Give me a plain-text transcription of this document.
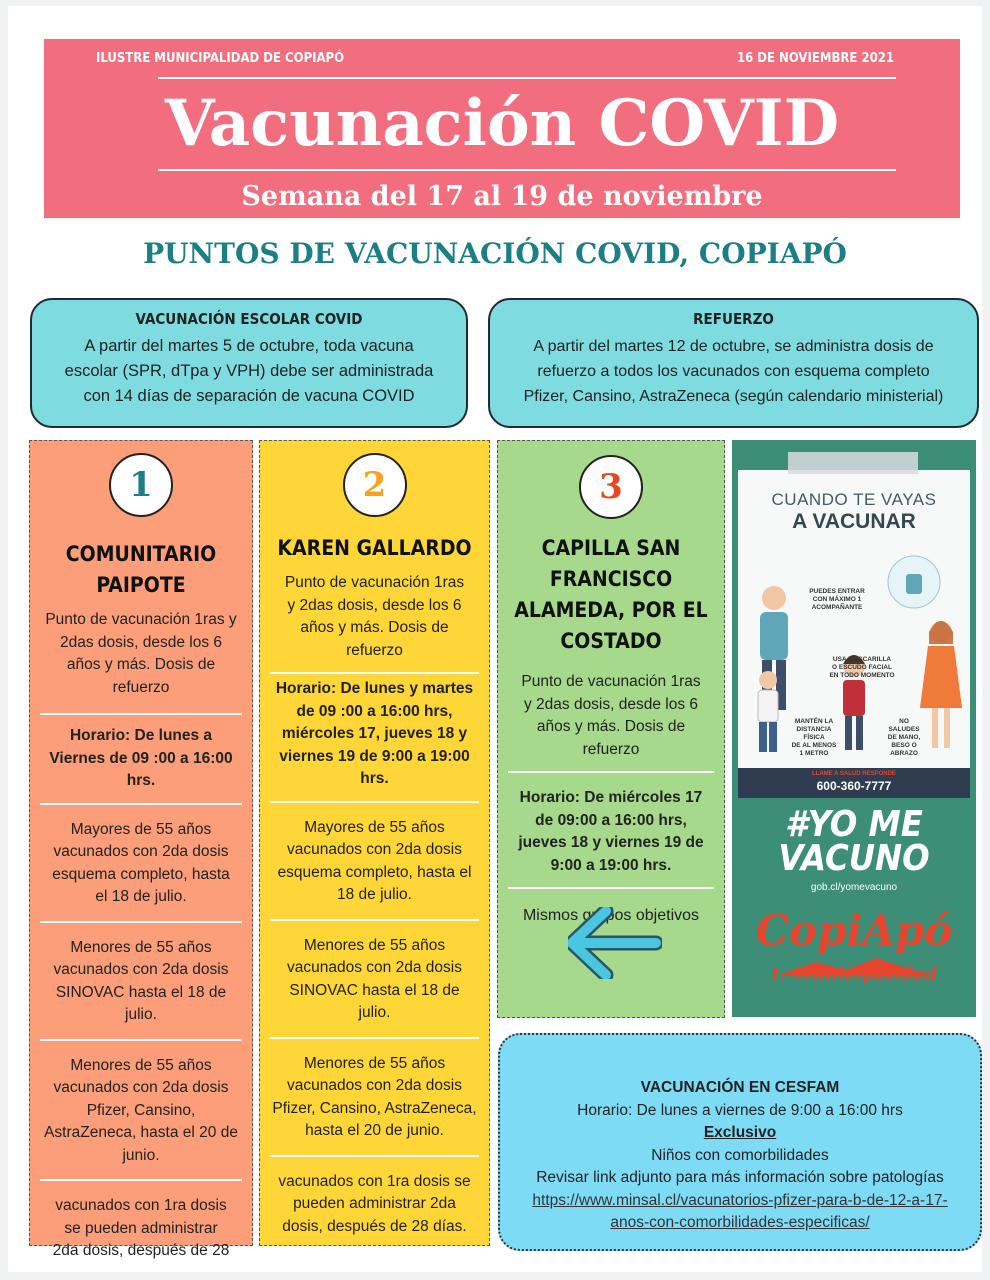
ILUSTRE MUNICIPALIDAD DE COPIAPÓ	16 DE NOVIEMBRE 2021
Vacunación COVID
Semana del 17 al 19 de noviembre
PUNTOS DE VACUNACIÓN COVID, COPIAPÓ
VACUNACIÓN ESCOLAR COVID
A partir del martes 5 de octubre, toda vacuna
escolar (SPR, dTpa y VPH) debe ser administrada
con 14 días de separación de vacuna COVID
REFUERZO
A partir del martes 12 de octubre, se administra dosis de
refuerzo a todos los vacunados con esquema completo
Pfizer, Cansino, AstraZeneca (según calendario ministerial)
1
COMUNITARIO PAIPOTE
Punto de vacunación 1ras y
2das dosis, desde los 6
años y más. Dosis de
refuerzo
Horario: De lunes a
Viernes de 09 :00 a 16:00
hrs.
Mayores de 55 años
vacunados con 2da dosis
esquema completo, hasta
el 18 de julio.
Menores de 55 años
vacunados con 2da dosis
SINOVAC hasta el 18 de
julio.
Menores de 55 años
vacunados con 2da dosis
Pfizer, Cansino,
AstraZeneca, hasta el 20 de
junio.
vacunados con 1ra dosis
se pueden administrar
2da dosis, después de 28
2
KAREN GALLARDO
Punto de vacunación 1ras
y 2das dosis, desde los 6
años y más. Dosis de
refuerzo
Horario: De lunes y martes
de 09 :00 a 16:00 hrs,
miércoles 17, jueves 18 y
viernes 19 de 9:00 a 19:00
hrs.
Mayores de 55 años
vacunados con 2da dosis
esquema completo, hasta el
18 de julio.
Menores de 55 años
vacunados con 2da dosis
SINOVAC hasta el 18 de
julio.
Menores de 55 años
vacunados con 2da dosis
Pfizer, Cansino, AstraZeneca,
hasta el 20 de junio.
vacunados con 1ra dosis se
pueden administrar 2da
dosis, después de 28 días.
3
CAPILLA SAN FRANCISCO
ALAMEDA, POR EL
COSTADO
Punto de vacunación 1ras
y 2das dosis, desde los 6
años y más. Dosis de
refuerzo
Horario: De miércoles 17
de 09:00 a 16:00 hrs,
jueves 18 y viernes 19 de
9:00 a 19:00 hrs.
Mismos grupos objetivos
CUANDO TE VAYAS
A VACUNAR
PUEDES ENTRAR
CON MÁXIMO 1
ACOMPAÑANTE
USA MASCARILLA
O ESCUDO FACIAL
EN TODO MOMENTO
MANTÉN LA
DISTANCIA
FÍSICA
DE AL MENOS
1 METRO
NO
SALUDES
DE MANO,
BESO O
ABRAZO
LLAME A SALUD RESPONDE
600-360-7777
#YO ME
VACUNO
gob.cl/yomevacuno
CopiApó
I. Municipalidad
VACUNACIÓN EN CESFAM
Horario: De lunes a viernes de 9:00 a 16:00 hrs
Exclusivo
Niños con comorbilidades
Revisar link adjunto para más información sobre patologías
https://www.minsal.cl/vacunatorios-pfizer-para-b-de-12-a-17-
anos-con-comorbilidades-especificas/
